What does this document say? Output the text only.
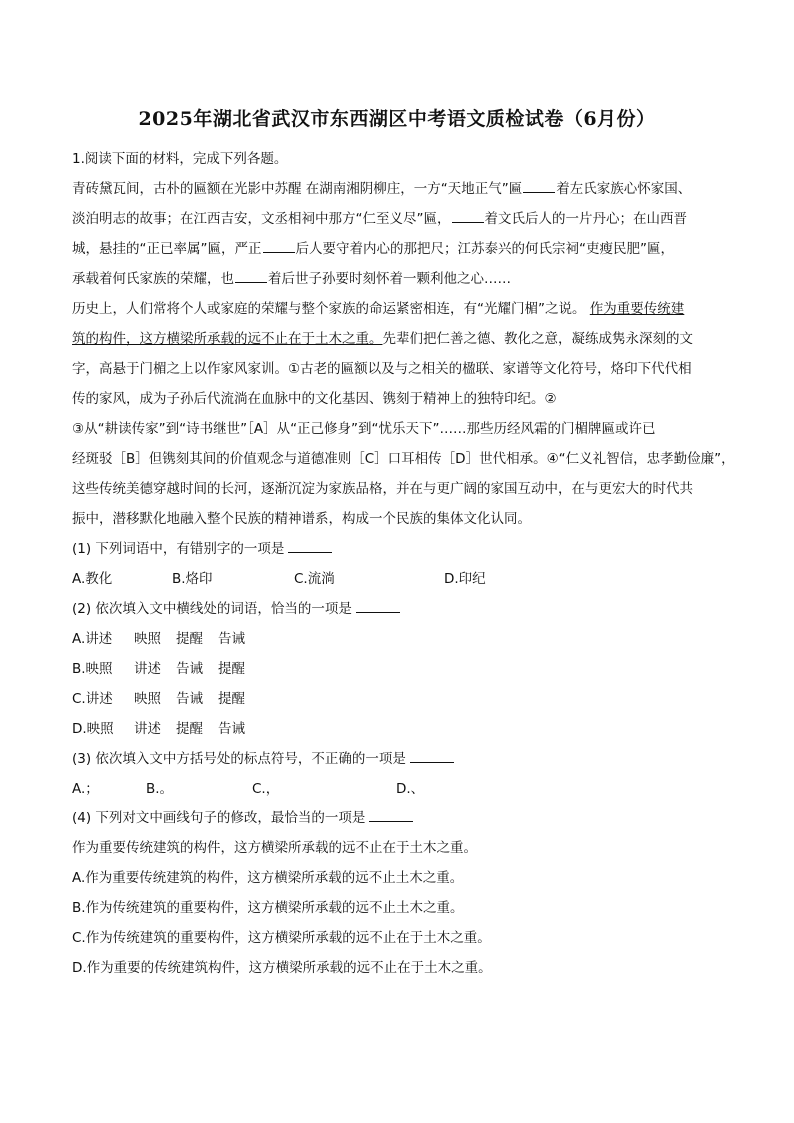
2025年湖北省武汉市东西湖区中考语文质检试卷（6月份）
1.阅读下面的材料，完成下列各题。
青砖黛瓦间，古朴的匾额在光影中苏醒 在湖南湘阴柳庄，一方“天地正气”匾	着左氏家族心怀家国、
淡泊明志的故事；在江西吉安，文丞相祠中那方“仁至义尽”匾，	着文氏后人的一片丹心；在山西晋
城，悬挂的“正已率属”匾，严正	后人要守着内心的那把尺；江苏泰兴的何氏宗祠“吏瘦民肥”匾，
承载着何氏家族的荣耀，也	着后世子孙要时刻怀着一颗利他之心……
历史上，人们常将个人或家庭的荣耀与整个家族的命运紧密相连，有“光耀门楣”之说。 作为重要传统建
筑的构件，这方横梁所承载的远不止在于土木之重。先辈们把仁善之德、教化之意，凝练成隽永深刻的文
字，高悬于门楣之上以作家风家训。①古老的匾额以及与之相关的楹联、家谱等文化符号，烙印下代代相
传的家风，成为子孙后代流淌在血脉中的文化基因、镌刻于精神上的独特印纪。②
③从“耕读传家”到“诗书继世”［A］从“正己修身”到“忧乐天下”……那些历经风霜的门楣牌匾或许已
经斑驳［B］但镌刻其间的价值观念与道德准则［C］口耳相传［D］世代相承。④“仁义礼智信，忠孝勤俭廉”，
这些传统美德穿越时间的长河，逐渐沉淀为家族品格，并在与更广阔的家国互动中，在与更宏大的时代共
振中，潜移默化地融入整个民族的精神谱系，构成一个民族的集体文化认同。
(1) 下列词语中，有错别字的一项是
A.教化	B.烙印	C.流淌	D.印纪
(2) 依次填入文中横线处的词语，恰当的一项是
A.讲述 映照 提醒 告诫
B.映照 讲述 告诫 提醒
C.讲述 映照 告诫 提醒
D.映照 讲述 提醒 告诫
(3) 依次填入文中方括号处的标点符号，不正确的一项是
A.；	B.。	C.，	D.、
(4) 下列对文中画线句子的修改，最恰当的一项是
作为重要传统建筑的构件，这方横梁所承载的远不止在于土木之重。
A.作为重要传统建筑的构件，这方横梁所承载的远不止土木之重。
B.作为传统建筑的重要构件，这方横梁所承载的远不止土木之重。
C.作为传统建筑的重要构件，这方横梁所承载的远不止在于土木之重。
D.作为重要的传统建筑构件，这方横梁所承载的远不止在于土木之重。
